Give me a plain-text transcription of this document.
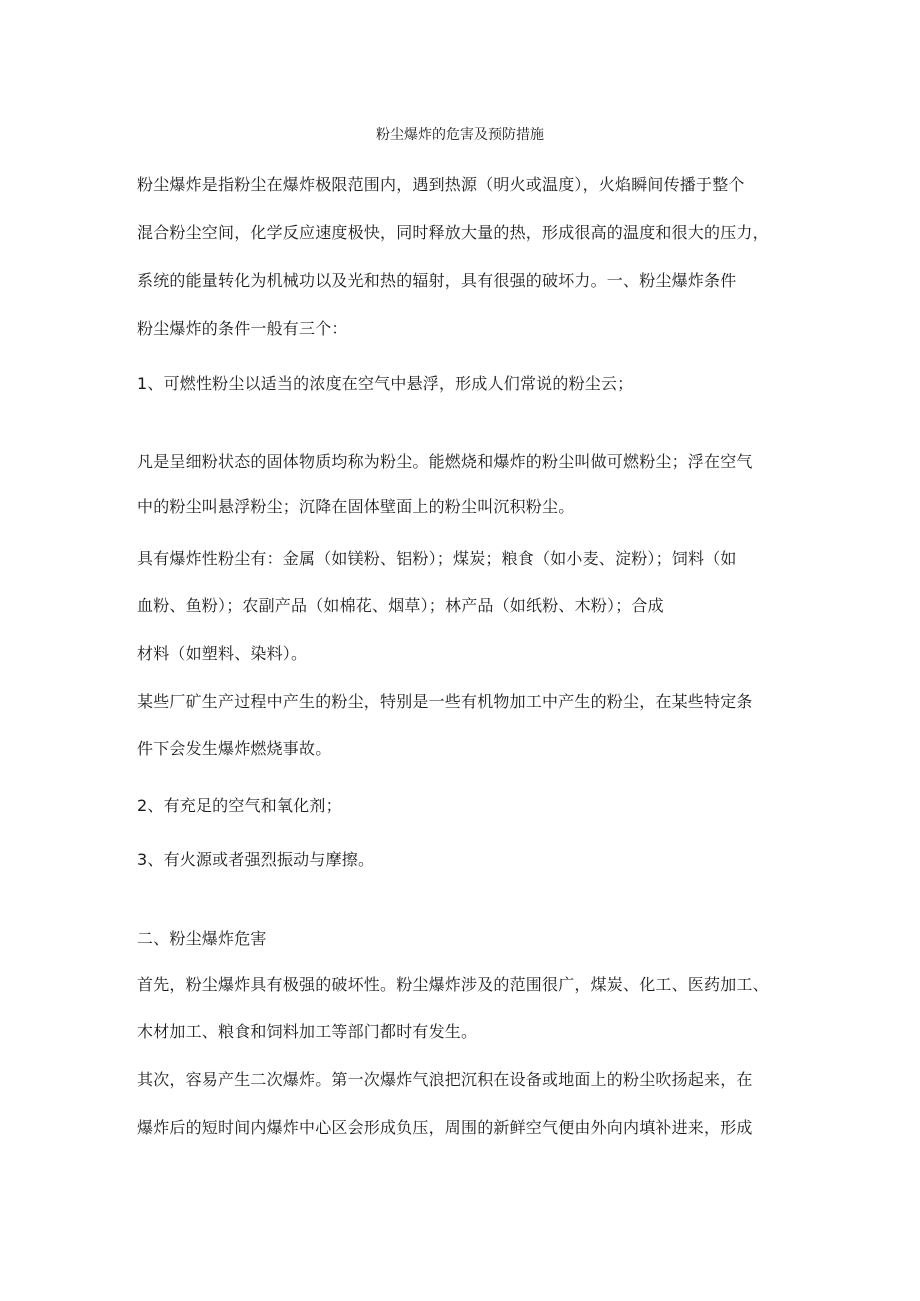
粉尘爆炸的危害及预防措施
粉尘爆炸是指粉尘在爆炸极限范围内，遇到热源（明火或温度），火焰瞬间传播于整个
混合粉尘空间，化学反应速度极快，同时释放大量的热，形成很高的温度和很大的压力，
系统的能量转化为机械功以及光和热的辐射，具有很强的破坏力。一、粉尘爆炸条件
粉尘爆炸的条件一般有三个：
1、可燃性粉尘以适当的浓度在空气中悬浮，形成人们常说的粉尘云；
凡是呈细粉状态的固体物质均称为粉尘。能燃烧和爆炸的粉尘叫做可燃粉尘；浮在空气
中的粉尘叫悬浮粉尘；沉降在固体壁面上的粉尘叫沉积粉尘。
具有爆炸性粉尘有：金属（如镁粉、铝粉）；煤炭；粮食（如小麦、淀粉）；饲料（如
血粉、鱼粉）；农副产品（如棉花、烟草）；林产品（如纸粉、木粉）；合成
材料（如塑料、染料）。
某些厂矿生产过程中产生的粉尘，特别是一些有机物加工中产生的粉尘，在某些特定条
件下会发生爆炸燃烧事故。
2、有充足的空气和氧化剂；
3、有火源或者强烈振动与摩擦。
二、粉尘爆炸危害
首先，粉尘爆炸具有极强的破坏性。粉尘爆炸涉及的范围很广，煤炭、化工、医药加工、
木材加工、粮食和饲料加工等部门都时有发生。
其次，容易产生二次爆炸。第一次爆炸气浪把沉积在设备或地面上的粉尘吹扬起来，在
爆炸后的短时间内爆炸中心区会形成负压，周围的新鲜空气便由外向内填补进来，形成
